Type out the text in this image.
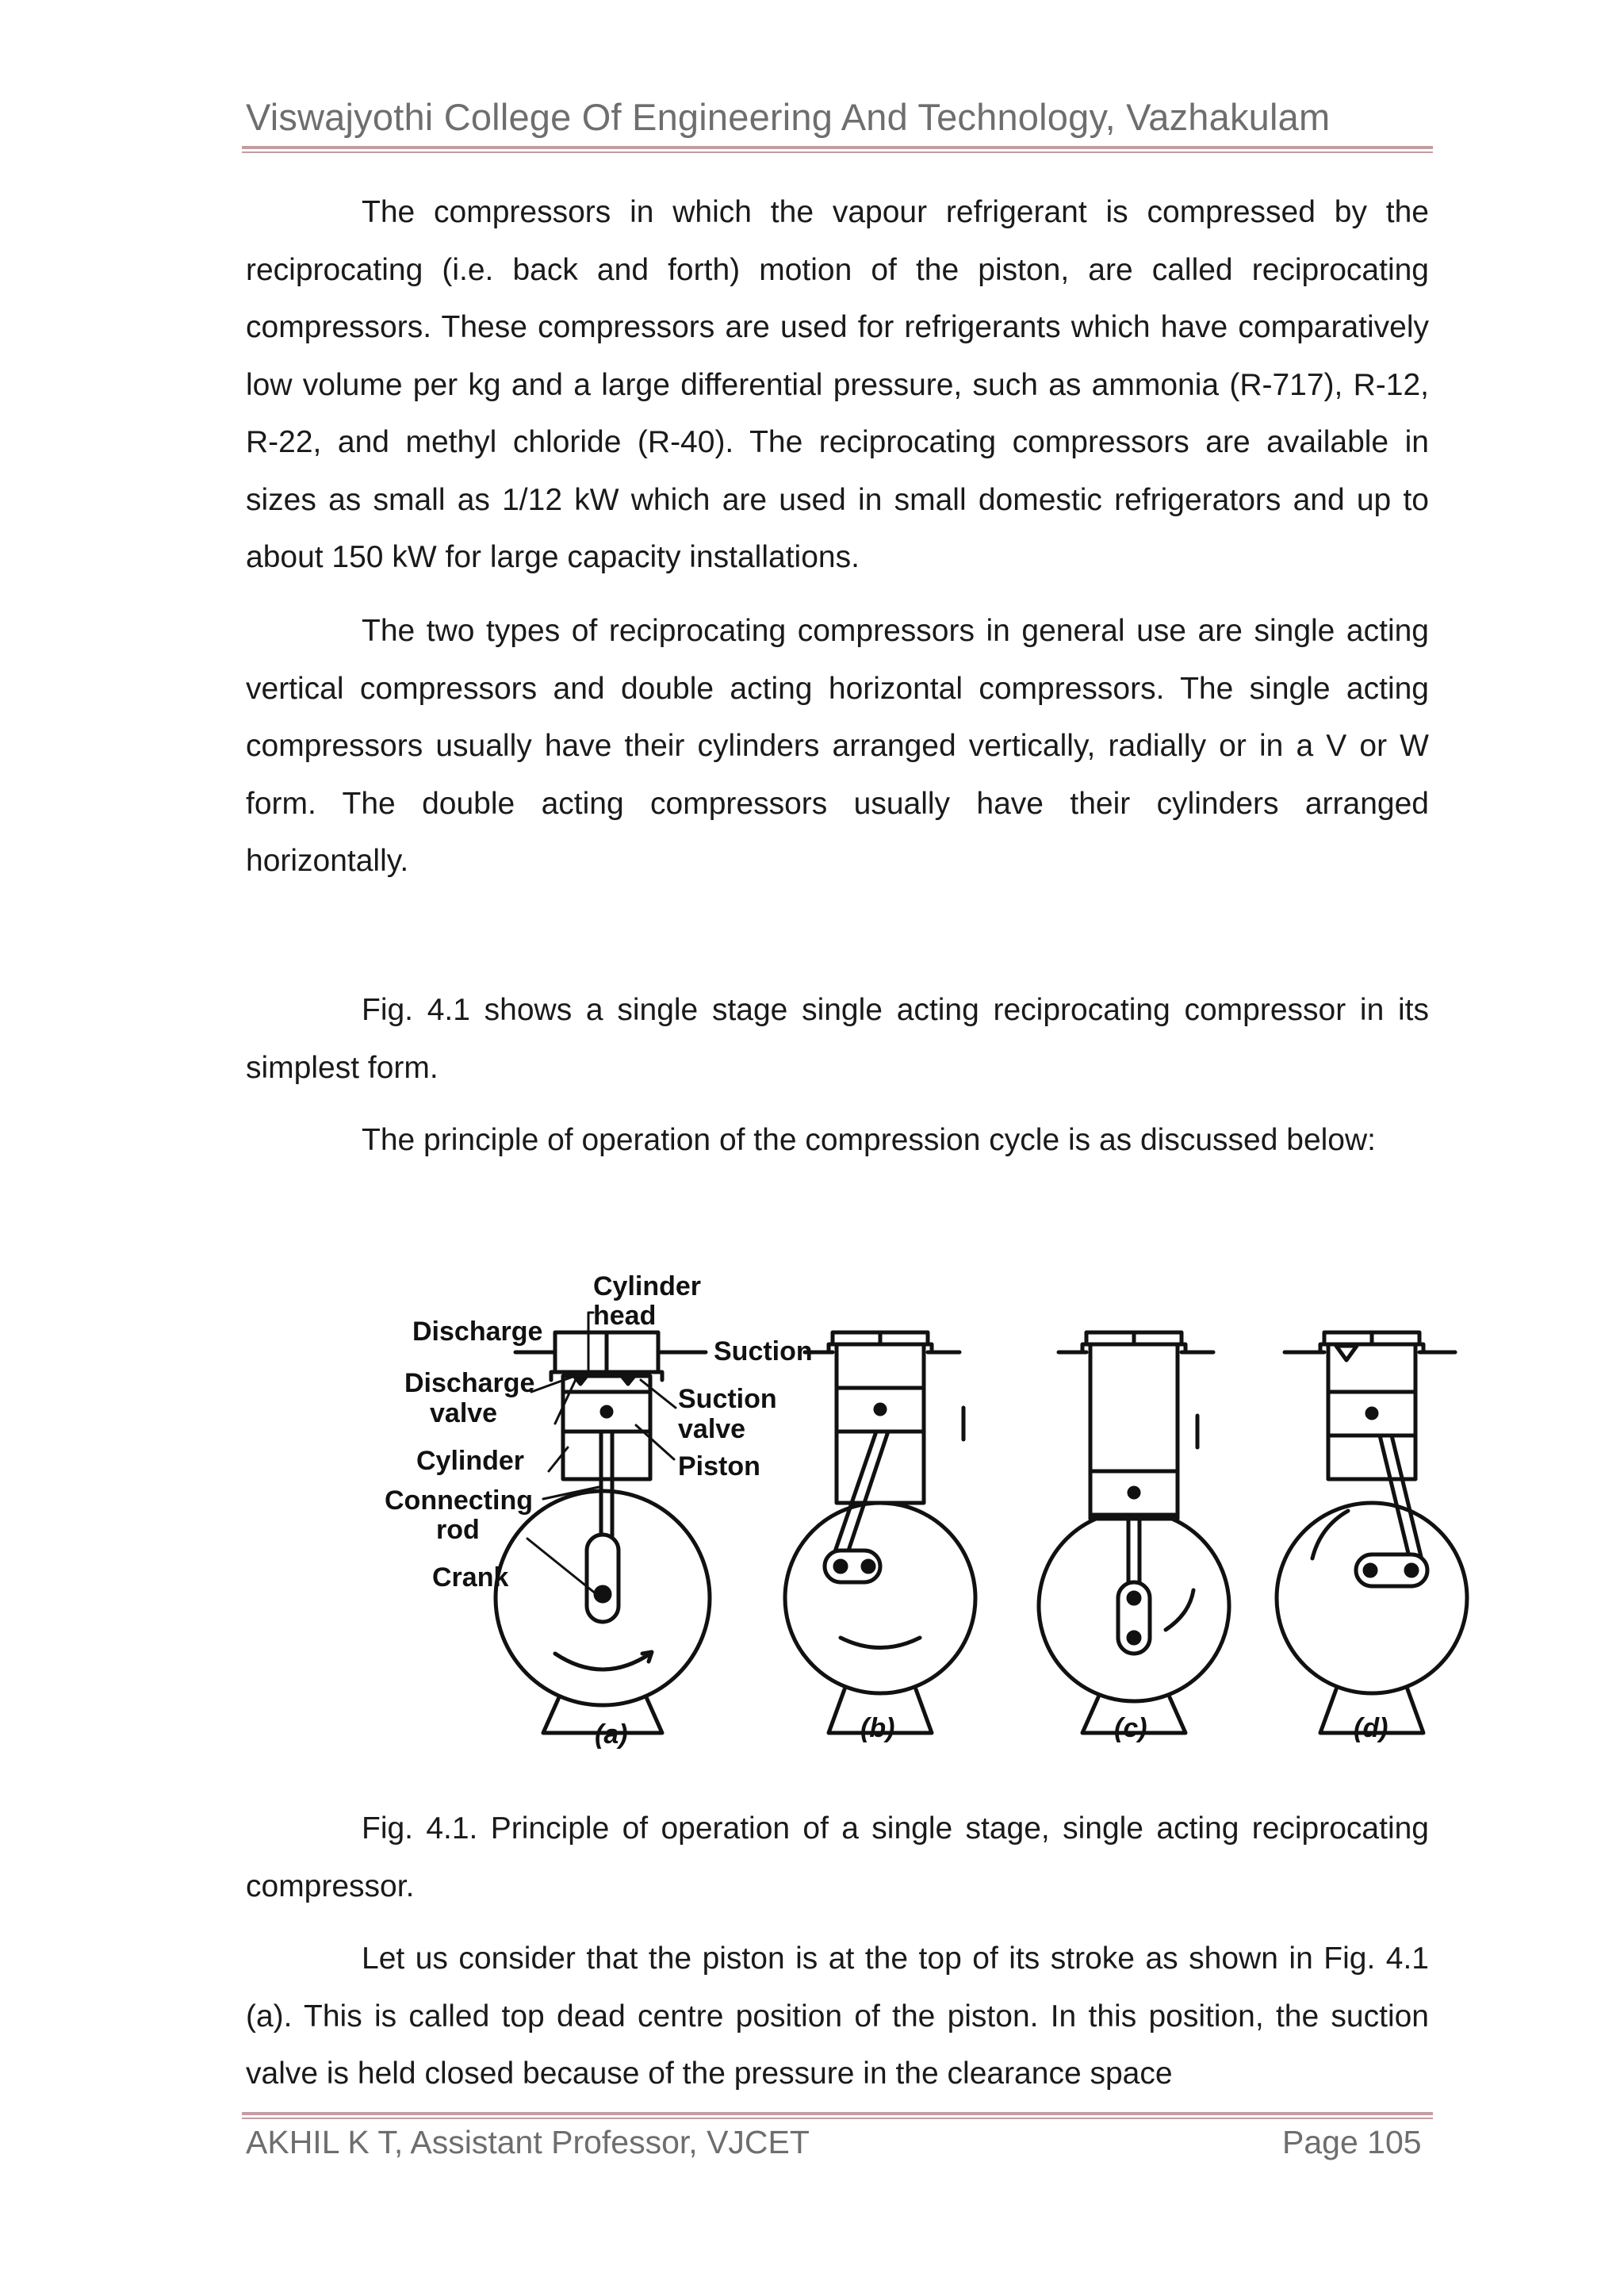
Viswajyothi College Of Engineering And Technology, Vazhakulam

The compressors in which the vapour refrigerant is compressed by the reciprocating (i.e. back and forth) motion of the piston, are called reciprocating compressors. These compressors are used for refrigerants which have comparatively low volume per kg and a large differential pressure, such as ammonia (R-717), R-12, R-22, and methyl chloride (R-40). The reciprocating compressors are available in sizes as small as 1/12 kW which are used in small domestic refrigerators and up to about 150 kW for large capacity installations.

The two types of reciprocating compressors in general use are single acting vertical compressors and double acting horizontal compressors. The single acting compressors usually have their cylinders arranged vertically, radially or in a V or W form. The double acting compressors usually have their cylinders arranged horizontally.

Fig. 4.1 shows a single stage single acting reciprocating compressor in its simplest form.

The principle of operation of the compression cycle is as discussed below:

Cylinder
head
Discharge
Suction
Discharge
valve	Suction
valve
Cylinder	Piston
Connecting
rod
Crank
(a)	(b)	(c)	(d)

Fig. 4.1. Principle of operation of a single stage, single acting reciprocating compressor.

Let us consider that the piston is at the top of its stroke as shown in Fig. 4.1 (a). This is called top dead centre position of the piston. In this position, the suction valve is held closed because of the pressure in the clearance space

AKHIL K T, Assistant Professor, VJCET	Page 105
